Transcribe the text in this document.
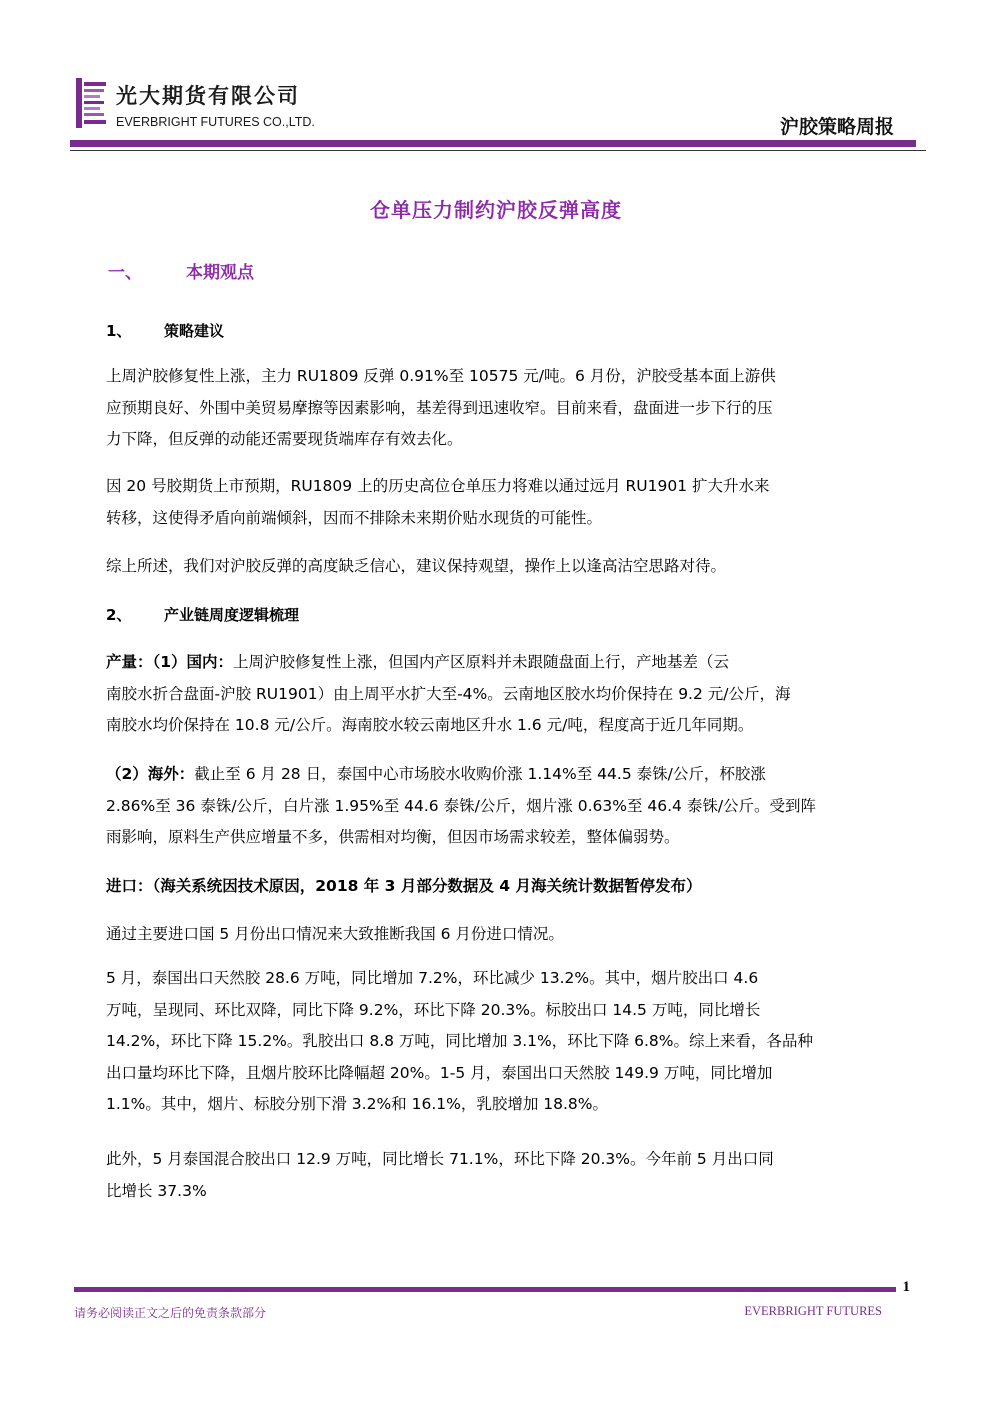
光大期货有限公司
EVERBRIGHT FUTURES CO.,LTD.	沪胶策略周报
仓单压力制约沪胶反弹高度
一、	本期观点
1、 策略建议

上周沪胶修复性上涨，主力 RU1809 反弹 0.91%至 10575 元/吨。6 月份，沪胶受基本面上游供

应预期良好、外围中美贸易摩擦等因素影响，基差得到迅速收窄。目前来看，盘面进一步下行的压

力下降，但反弹的动能还需要现货端库存有效去化。

因 20 号胶期货上市预期，RU1809 上的历史高位仓单压力将难以通过远月 RU1901 扩大升水来

转移，这使得矛盾向前端倾斜，因而不排除未来期价贴水现货的可能性。

综上所述，我们对沪胶反弹的高度缺乏信心，建议保持观望，操作上以逢高沽空思路对待。

2、 产业链周度逻辑梳理

产量：（1）国内：上周沪胶修复性上涨，但国内产区原料并未跟随盘面上行，产地基差（云

南胶水折合盘面-沪胶 RU1901）由上周平水扩大至-4%。云南地区胶水均价保持在 9.2 元/公斤，海

南胶水均价保持在 10.8 元/公斤。海南胶水较云南地区升水 1.6 元/吨，程度高于近几年同期。

（2）海外：截止至 6 月 28 日，泰国中心市场胶水收购价涨 1.14%至 44.5 泰铢/公斤，杯胶涨

2.86%至 36 泰铢/公斤，白片涨 1.95%至 44.6 泰铢/公斤，烟片涨 0.63%至 46.4 泰铢/公斤。受到阵

雨影响，原料生产供应增量不多，供需相对均衡，但因市场需求较差，整体偏弱势。

进口：（海关系统因技术原因，2018 年 3 月部分数据及 4 月海关统计数据暂停发布）

通过主要进口国 5 月份出口情况来大致推断我国 6 月份进口情况。

5 月，泰国出口天然胶 28.6 万吨，同比增加 7.2%，环比减少 13.2%。其中，烟片胶出口 4.6

万吨，呈现同、环比双降，同比下降 9.2%，环比下降 20.3%。标胶出口 14.5 万吨，同比增长

14.2%，环比下降 15.2%。乳胶出口 8.8 万吨，同比增加 3.1%，环比下降 6.8%。综上来看，各品种

出口量均环比下降，且烟片胶环比降幅超 20%。1-5 月，泰国出口天然胶 149.9 万吨，同比增加

1.1%。其中，烟片、标胶分别下滑 3.2%和 16.1%，乳胶增加 18.8%。

此外，5 月泰国混合胶出口 12.9 万吨，同比增长 71.1%，环比下降 20.3%。今年前 5 月出口同

比增长 37.3%

1
请务必阅读正文之后的免责条款部分	EVERBRIGHT FUTURES
